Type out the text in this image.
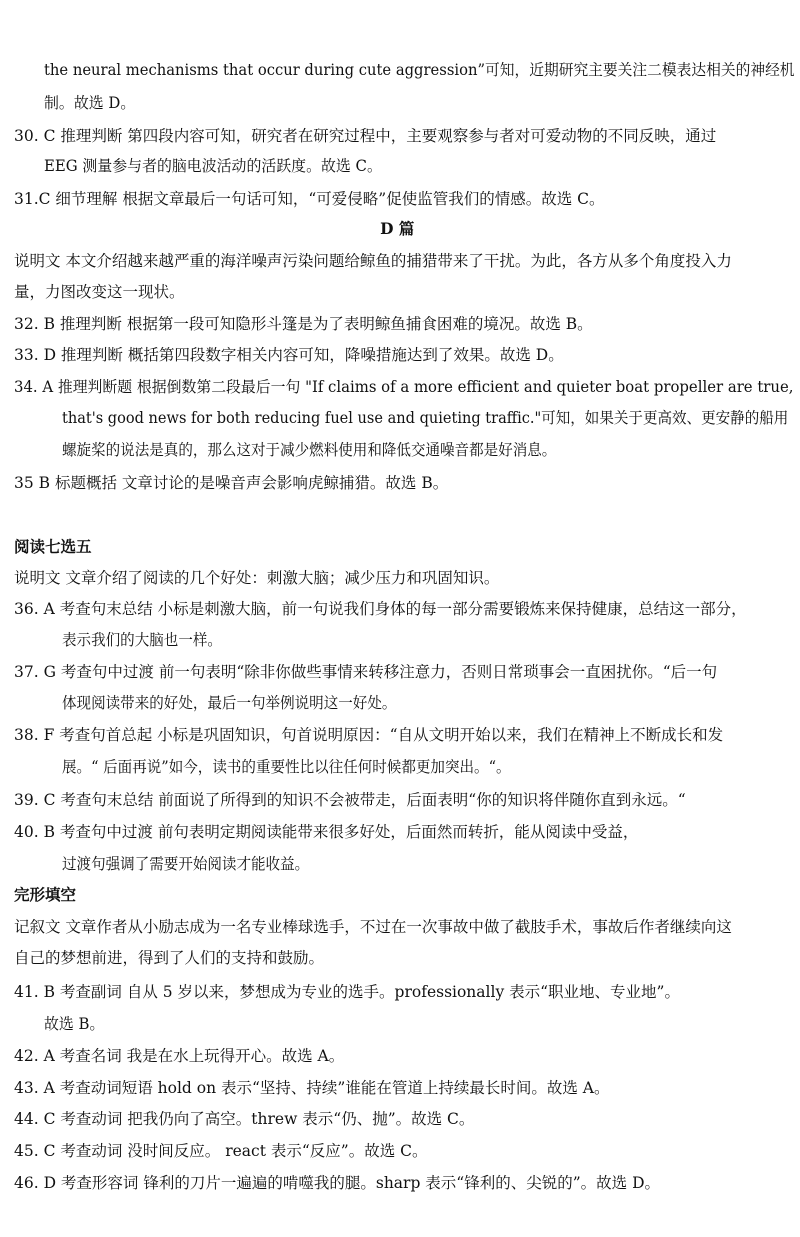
the neural mechanisms that occur during cute aggression”可知，近期研究主要关注二模表达相关的神经机
制。故选 D。
30. C 推理判断 第四段内容可知，研究者在研究过程中，主要观察参与者对可爱动物的不同反映，通过
EEG 测量参与者的脑电波活动的活跃度。故选 C。
31.C 细节理解 根据文章最后一句话可知，“可爱侵略”促使监管我们的情感。故选 C。
D 篇
说明文 本文介绍越来越严重的海洋噪声污染问题给鲸鱼的捕猎带来了干扰。为此，各方从多个角度投入力
量，力图改变这一现状。
32. B 推理判断 根据第一段可知隐形斗篷是为了表明鲸鱼捕食困难的境况。故选 B。
33. D 推理判断 概括第四段数字相关内容可知，降噪措施达到了效果。故选 D。
34. A 推理判断题 根据倒数第二段最后一句 "If claims of a more efficient and quieter boat propeller are true,
that's good news for both reducing fuel use and quieting traffic."可知，如果关于更高效、更安静的船用
螺旋桨的说法是真的，那么这对于减少燃料使用和降低交通噪音都是好消息。
35 B 标题概括 文章讨论的是噪音声会影响虎鲸捕猎。故选 B。
阅读七选五
说明文 文章介绍了阅读的几个好处：刺激大脑；减少压力和巩固知识。
36. A 考查句末总结 小标是刺激大脑，前一句说我们身体的每一部分需要锻炼来保持健康，总结这一部分，
表示我们的大脑也一样。
37. G 考查句中过渡 前一句表明“除非你做些事情来转移注意力，否则日常琐事会一直困扰你。“后一句
体现阅读带来的好处，最后一句举例说明这一好处。
38. F 考查句首总起 小标是巩固知识，句首说明原因：“自从文明开始以来，我们在精神上不断成长和发
展。“ 后面再说”如今，读书的重要性比以往任何时候都更加突出。“。
39. C 考查句末总结 前面说了所得到的知识不会被带走，后面表明“你的知识将伴随你直到永远。“
40. B 考查句中过渡 前句表明定期阅读能带来很多好处，后面然而转折，能从阅读中受益，
过渡句强调了需要开始阅读才能收益。
完形填空
记叙文 文章作者从小励志成为一名专业棒球选手，不过在一次事故中做了截肢手术，事故后作者继续向这
自己的梦想前进，得到了人们的支持和鼓励。
41. B 考查副词 自从 5 岁以来，梦想成为专业的选手。professionally 表示“职业地、专业地”。
故选 B。
42. A 考查名词 我是在水上玩得开心。故选 A。
43. A 考查动词短语 hold on 表示“坚持、持续”谁能在管道上持续最长时间。故选 A。
44. C 考查动词 把我仍向了高空。threw 表示“仍、抛”。故选 C。
45. C 考查动词 没时间反应。 react 表示“反应”。故选 C。
46. D 考查形容词 锋利的刀片一遍遍的啃噬我的腿。sharp 表示“锋利的、尖锐的”。故选 D。
